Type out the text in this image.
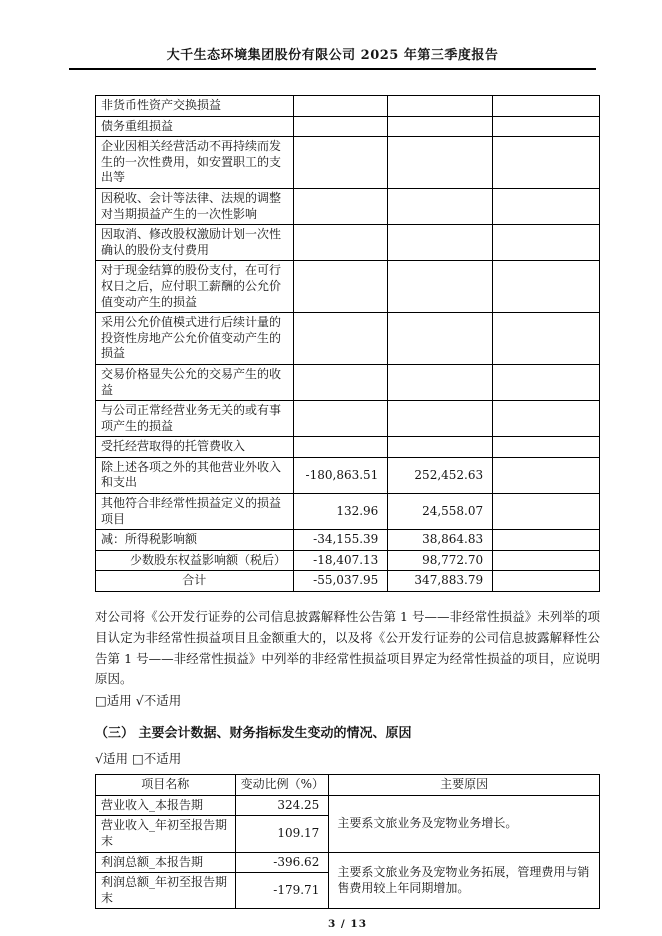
大千生态环境集团股份有限公司 2025 年第三季度报告
非货币性资产交换损益			
债务重组损益			
企业因相关经营活动不再持续而发生的一次性费用，如安置职工的支出等			
因税收、会计等法律、法规的调整对当期损益产生的一次性影响			
因取消、修改股权激励计划一次性确认的股份支付费用			
对于现金结算的股份支付，在可行权日之后，应付职工薪酬的公允价值变动产生的损益			
采用公允价值模式进行后续计量的投资性房地产公允价值变动产生的损益			
交易价格显失公允的交易产生的收益			
与公司正常经营业务无关的或有事项产生的损益			
受托经营取得的托管费收入			
除上述各项之外的其他营业外收入和支出	-180,863.51	252,452.63	
其他符合非经常性损益定义的损益项目	132.96	24,558.07	
减：所得税影响额	-34,155.39	38,864.83	
少数股东权益影响额（税后）	-18,407.13	98,772.70	
合计	-55,037.95	347,883.79	
对公司将《公开发行证券的公司信息披露解释性公告第 1 号——非经常性损益》未列举的项目认定为非经常性损益项目且金额重大的，以及将《公开发行证券的公司信息披露解释性公告第 1 号——非经常性损益》中列举的非经常性损益项目界定为经常性损益的项目，应说明原因。
□适用 √不适用
（三） 主要会计数据、财务指标发生变动的情况、原因
√适用 □不适用
项目名称	变动比例（%）	主要原因
营业收入_本报告期	324.25	主要系文旅业务及宠物业务增长。
营业收入_年初至报告期末	109.17	
利润总额_本报告期	-396.62	主要系文旅业务及宠物业务拓展，管理费用与销售费用较上年同期增加。
利润总额_年初至报告期末	-179.71	
3 / 13
